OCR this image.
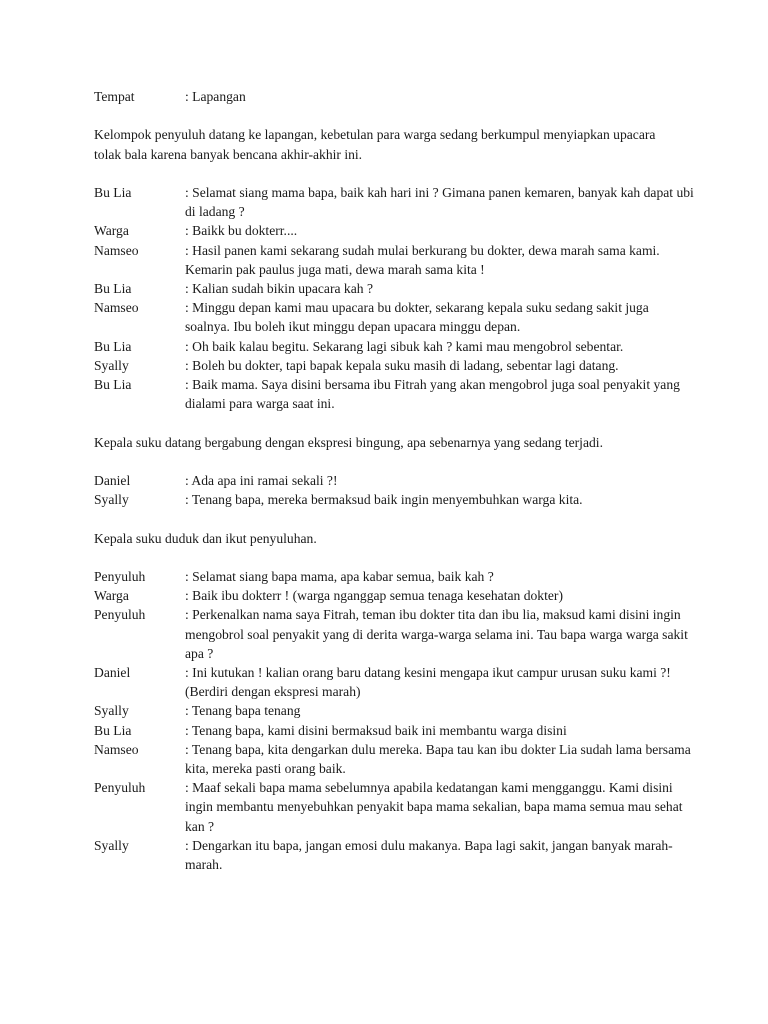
Tempat	: Lapangan
Kelompok penyuluh datang ke lapangan, kebetulan para warga sedang berkumpul menyiapkan upacara tolak bala karena banyak bencana akhir-akhir ini.
Bu Lia	: Selamat siang mama bapa, baik kah hari ini ? Gimana panen kemaren, banyak kah dapat ubi di ladang ?
Warga	: Baikk bu dokterr....
Namseo	: Hasil panen kami sekarang sudah mulai berkurang bu dokter, dewa marah sama kami. Kemarin pak paulus juga mati, dewa marah sama kita !
Bu Lia	: Kalian sudah bikin upacara kah ?
Namseo	: Minggu depan kami mau upacara bu dokter, sekarang kepala suku sedang sakit juga soalnya. Ibu boleh ikut minggu depan upacara minggu depan.
Bu Lia	: Oh baik kalau begitu. Sekarang lagi sibuk kah ? kami mau mengobrol sebentar.
Syally	: Boleh bu dokter, tapi bapak kepala suku masih di ladang, sebentar lagi datang.
Bu Lia	: Baik mama. Saya disini bersama ibu Fitrah yang akan mengobrol juga soal penyakit yang dialami para warga saat ini.
Kepala suku datang bergabung dengan ekspresi bingung, apa sebenarnya yang sedang terjadi.
Daniel	: Ada apa ini ramai sekali ?!
Syally	: Tenang bapa, mereka bermaksud baik ingin menyembuhkan warga kita.
Kepala suku duduk dan ikut penyuluhan.
Penyuluh	: Selamat siang bapa mama, apa kabar semua, baik kah ?
Warga	: Baik ibu dokterr ! (warga nganggap semua tenaga kesehatan dokter)
Penyuluh	: Perkenalkan nama saya Fitrah, teman ibu dokter tita dan ibu lia, maksud kami disini ingin mengobrol soal penyakit yang di derita warga-warga selama ini. Tau bapa warga warga sakit apa ?
Daniel	: Ini kutukan ! kalian orang baru datang kesini mengapa ikut campur urusan suku kami ?! (Berdiri dengan ekspresi marah)
Syally	: Tenang bapa tenang
Bu Lia	: Tenang bapa, kami disini bermaksud baik ini membantu warga disini
Namseo	: Tenang bapa, kita dengarkan dulu mereka. Bapa tau kan ibu dokter Lia sudah lama bersama kita, mereka pasti orang baik.
Penyuluh	: Maaf sekali bapa mama sebelumnya apabila kedatangan kami mengganggu. Kami disini ingin membantu menyebuhkan penyakit bapa mama sekalian, bapa mama semua mau sehat kan ?
Syally	: Dengarkan itu bapa, jangan emosi dulu makanya. Bapa lagi sakit, jangan banyak marah-marah.
